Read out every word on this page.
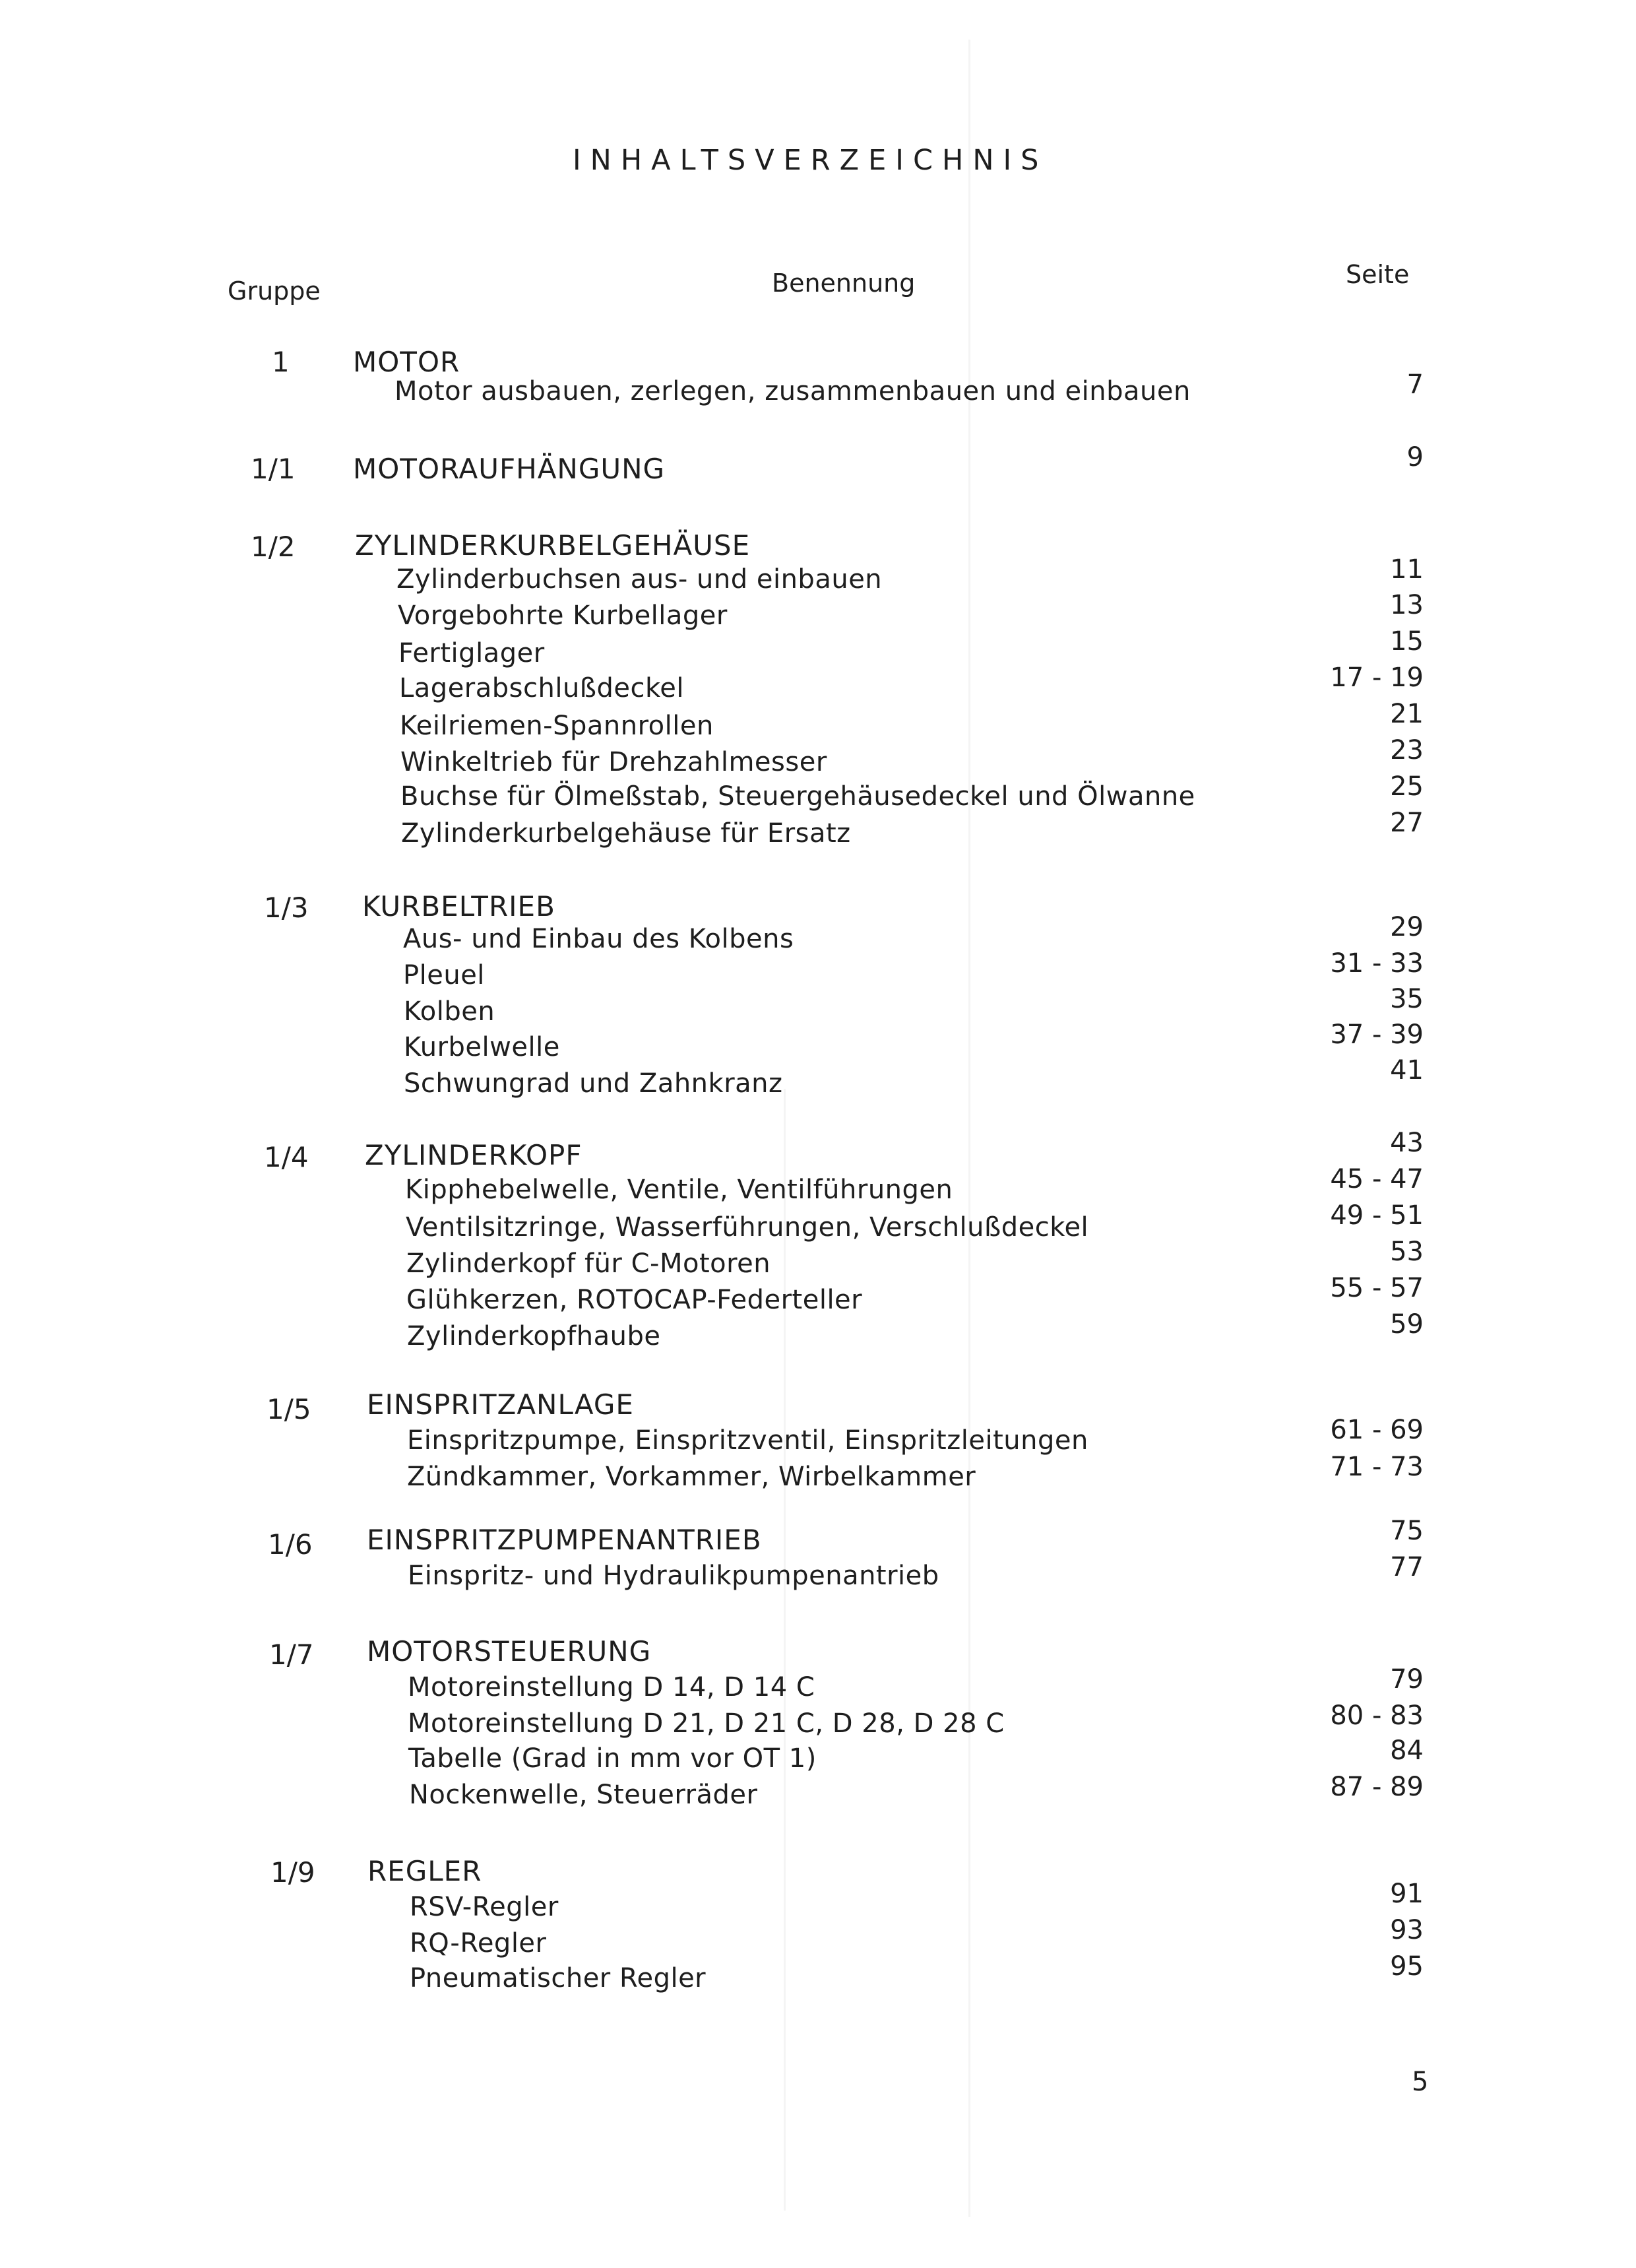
INHALTSVERZEICHNIS
Gruppe	Benennung	Seite
1 MOTOR
Motor ausbauen, zerlegen, zusammenbauen und einbauen	7
1/1 MOTORAUFHÄNGUNG	9
1/2 ZYLINDERKURBELGEHÄUSE
Zylinderbuchsen aus- und einbauen	11
Vorgebohrte Kurbellager	13
Fertiglager	15
Lagerabschlußdeckel	17 - 19
Keilriemen-Spannrollen	21
Winkeltrieb für Drehzahlmesser	23
Buchse für Ölmeßstab, Steuergehäusedeckel und Ölwanne	25
Zylinderkurbelgehäuse für Ersatz	27
1/3 KURBELTRIEB
Aus- und Einbau des Kolbens	29
Pleuel	31 - 33
Kolben	35
Kurbelwelle	37 - 39
Schwungrad und Zahnkranz	41
1/4 ZYLINDERKOPF	43
Kipphebelwelle, Ventile, Ventilführungen	45 - 47
Ventilsitzringe, Wasserführungen, Verschlußdeckel	49 - 51
Zylinderkopf für C-Motoren	53
Glühkerzen, ROTOCAP-Federteller	55 - 57
Zylinderkopfhaube	59
1/5 EINSPRITZANLAGE
Einspritzpumpe, Einspritzventil, Einspritzleitungen	61 - 69
Zündkammer, Vorkammer, Wirbelkammer	71 - 73
1/6 EINSPRITZPUMPENANTRIEB	75
Einspritz- und Hydraulikpumpenantrieb	77
1/7 MOTORSTEUERUNG
Motoreinstellung D 14, D 14 C	79
Motoreinstellung D 21, D 21 C, D 28, D 28 C	80 - 83
Tabelle (Grad in mm vor OT 1)	84
Nockenwelle, Steuerräder	87 - 89
1/9 REGLER
RSV-Regler	91
RQ-Regler	93
Pneumatischer Regler	95
5
